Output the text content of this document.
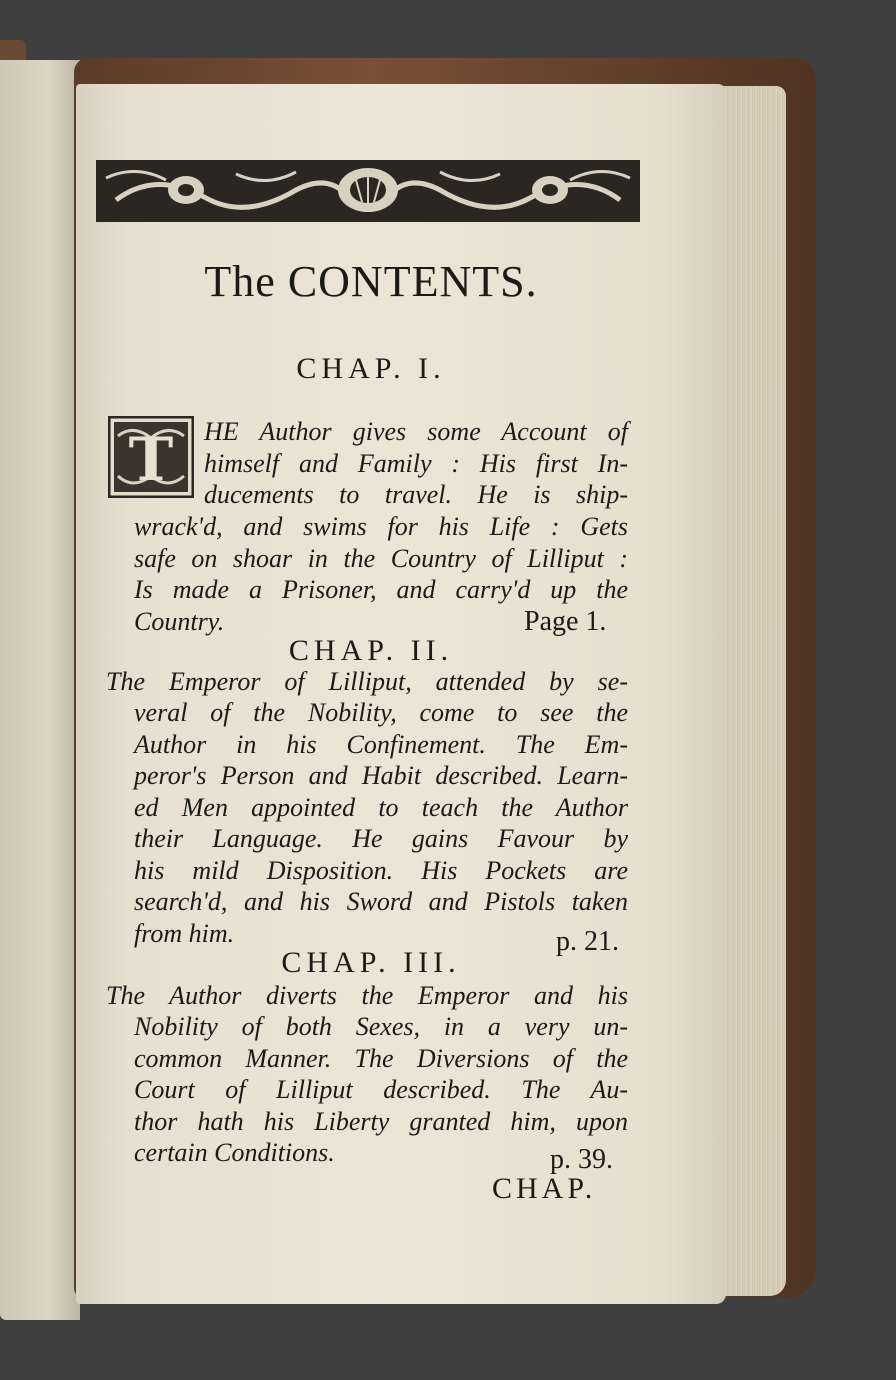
The CONTENTS.
CHAP. I.
T HE Author gives some Account of
himself and Family : His first In-
ducements to travel. He is ship-
wrack'd, and swims for his Life : Gets
safe on shoar in the Country of Lilliput :
Is made a Prisoner, and carry'd up the
Country.	Page 1.
CHAP. II.
The Emperor of Lilliput, attended by se-
veral of the Nobility, come to see the
Author in his Confinement. The Em-
peror's Person and Habit described. Learn-
ed Men appointed to teach the Author
their Language. He gains Favour by
his mild Disposition. His Pockets are
search'd, and his Sword and Pistols taken
from him.	p. 21.
CHAP. III.
The Author diverts the Emperor and his
Nobility of both Sexes, in a very un-
common Manner. The Diversions of the
Court of Lilliput described. The Au-
thor hath his Liberty granted him, upon
certain Conditions.	p. 39.
CHAP.
